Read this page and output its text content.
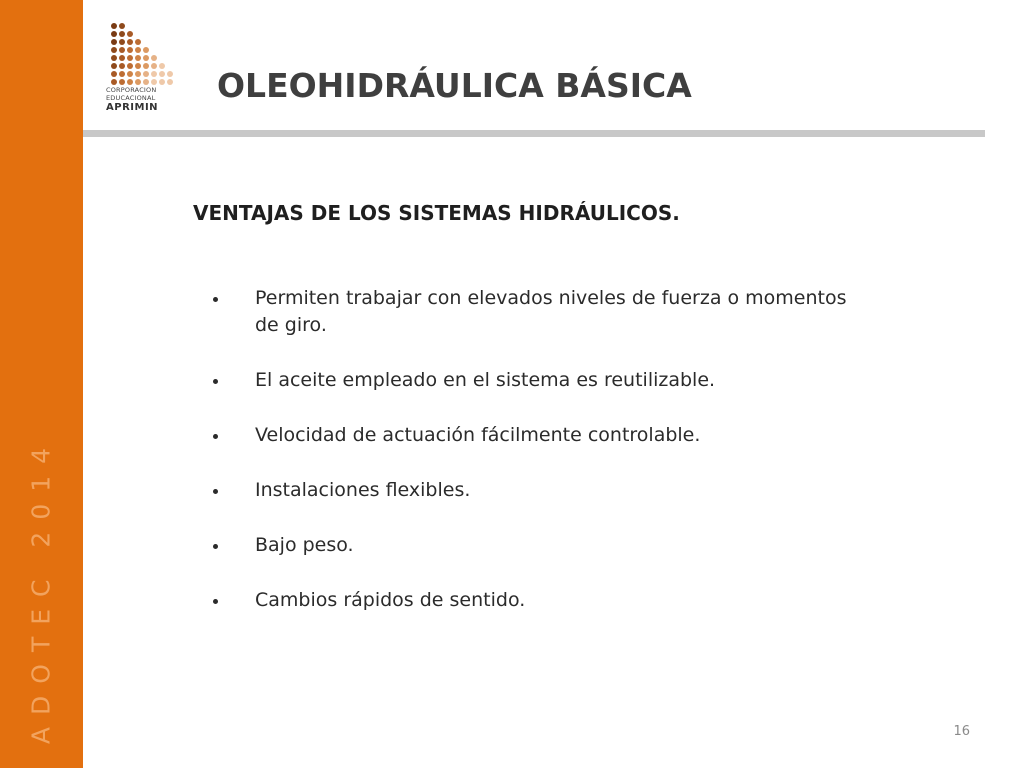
ADOTEC 2014
CORPORACION
EDUCACIONAL
APRIMIN
OLEOHIDRÁULICA BÁSICA
VENTAJAS DE LOS SISTEMAS HIDRÁULICOS.
Permiten trabajar con elevados niveles de fuerza o momentos de giro.
El aceite empleado en el sistema es reutilizable.
Velocidad de actuación fácilmente controlable.
Instalaciones flexibles.
Bajo peso.
Cambios rápidos de sentido.
16
